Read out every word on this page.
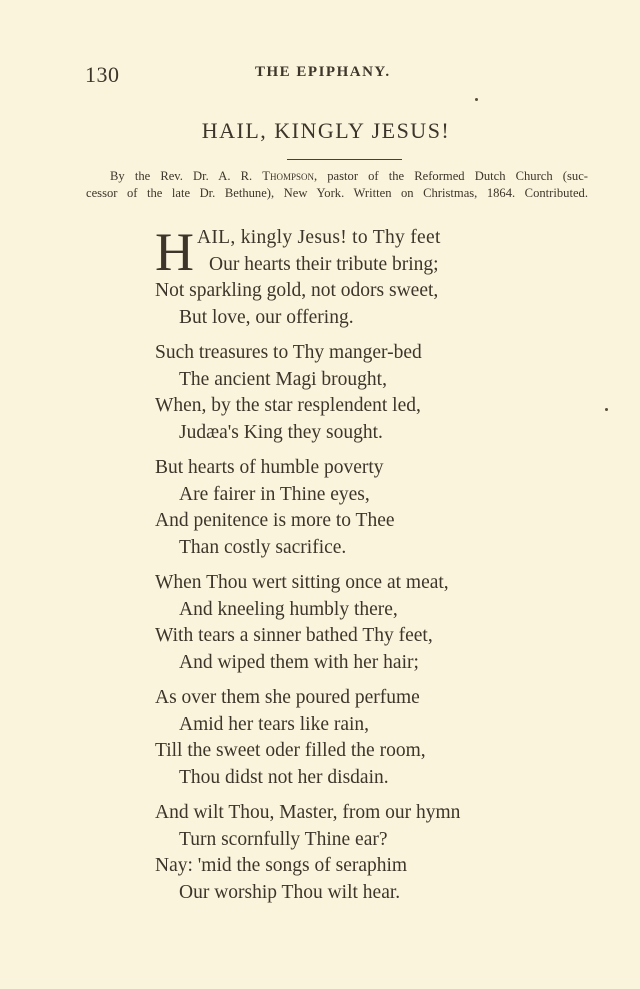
130	THE EPIPHANY.
HAIL, KINGLY JESUS!
By the Rev. Dr. A. R. Thompson, pastor of the Reformed Dutch Church (suc-
cessor of the late Dr. Bethune), New York. Written on Christmas, 1864. Contributed.
H AIL, kingly Jesus! to Thy feet
Our hearts their tribute bring;
Not sparkling gold, not odors sweet,
But love, our offering.
Such treasures to Thy manger-bed
The ancient Magi brought,
When, by the star resplendent led,
Judæa's King they sought.
But hearts of humble poverty
Are fairer in Thine eyes,
And penitence is more to Thee
Than costly sacrifice.
When Thou wert sitting once at meat,
And kneeling humbly there,
With tears a sinner bathed Thy feet,
And wiped them with her hair;
As over them she poured perfume
Amid her tears like rain,
Till the sweet oder filled the room,
Thou didst not her disdain.
And wilt Thou, Master, from our hymn
Turn scornfully Thine ear?
Nay: 'mid the songs of seraphim
Our worship Thou wilt hear.
